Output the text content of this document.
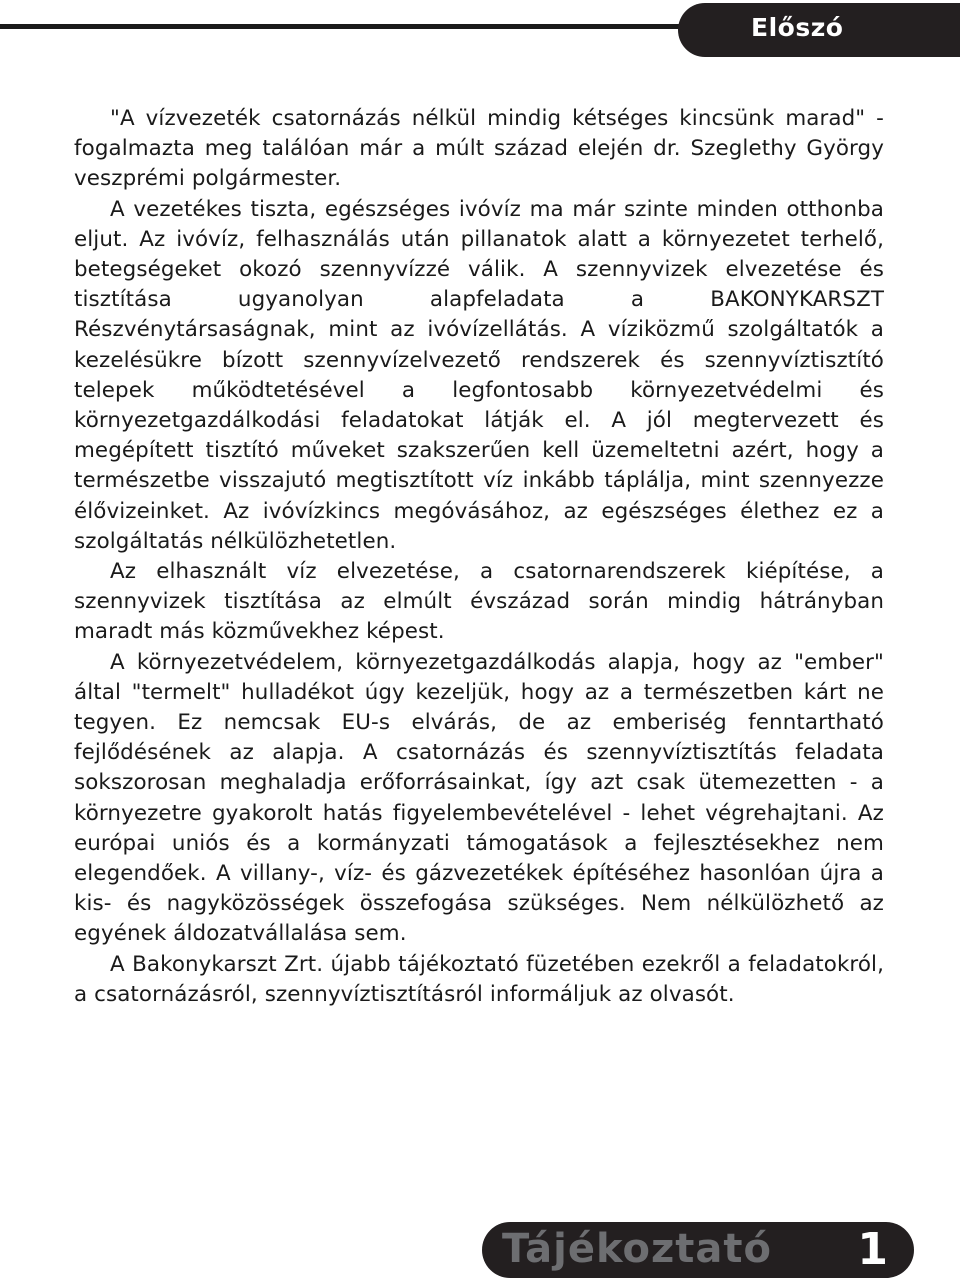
Előszó

"A vízvezeték csatornázás nélkül mindig kétséges kincsünk marad" - fogalmazta meg találóan már a múlt század elején dr. Szeglethy György veszprémi polgármester.

A vezetékes tiszta, egészséges ivóvíz ma már szinte minden otthonba eljut. Az ivóvíz, felhasználás után pillanatok alatt a környezetet terhelő, betegségeket okozó szennyvízzé válik. A szennyvizek elvezetése és tisztítása ugyanolyan alapfeladata a BAKONYKARSZT Részvénytársaságnak, mint az ivóvízellátás. A víziközmű szolgáltatók a kezelésükre bízott szennyvízelvezető rendszerek és szennyvíztisztító telepek működtetésével a legfontosabb környezetvédelmi és környezetgazdálkodási feladatokat látják el. A jól megtervezett és megépített tisztító műveket szakszerűen kell üzemeltetni azért, hogy a természetbe visszajutó megtisztított víz inkább táplálja, mint szennyezze élővizeinket. Az ivóvízkincs megóvásához, az egészséges élethez ez a szolgáltatás nélkülözhetetlen.

Az elhasznált víz elvezetése, a csatornarendszerek kiépítése, a szennyvizek tisztítása az elmúlt évszázad során mindig hátrányban maradt más közművekhez képest.

A környezetvédelem, környezetgazdálkodás alapja, hogy az "ember" által "termelt" hulladékot úgy kezeljük, hogy az a természetben kárt ne tegyen. Ez nemcsak EU-s elvárás, de az emberiség fenntartható fejlődésének az alapja. A csatornázás és szennyvíztisztítás feladata sokszorosan meghaladja erőforrásainkat, így azt csak ütemezetten - a környezetre gyakorolt hatás figyelembevételével - lehet végrehajtani. Az európai uniós és a kormányzati támogatások a fejlesztésekhez nem elegendőek. A villany-, víz- és gázvezetékek építéséhez hasonlóan újra a kis- és nagyközösségek összefogása szükséges. Nem nélkülözhető az egyének áldozatvállalása sem.

A Bakonykarszt Zrt. újabb tájékoztató füzetében ezekről a feladatokról, a csatornázásról, szennyvíztisztításról informáljuk az olvasót.

Tájékoztató 1
